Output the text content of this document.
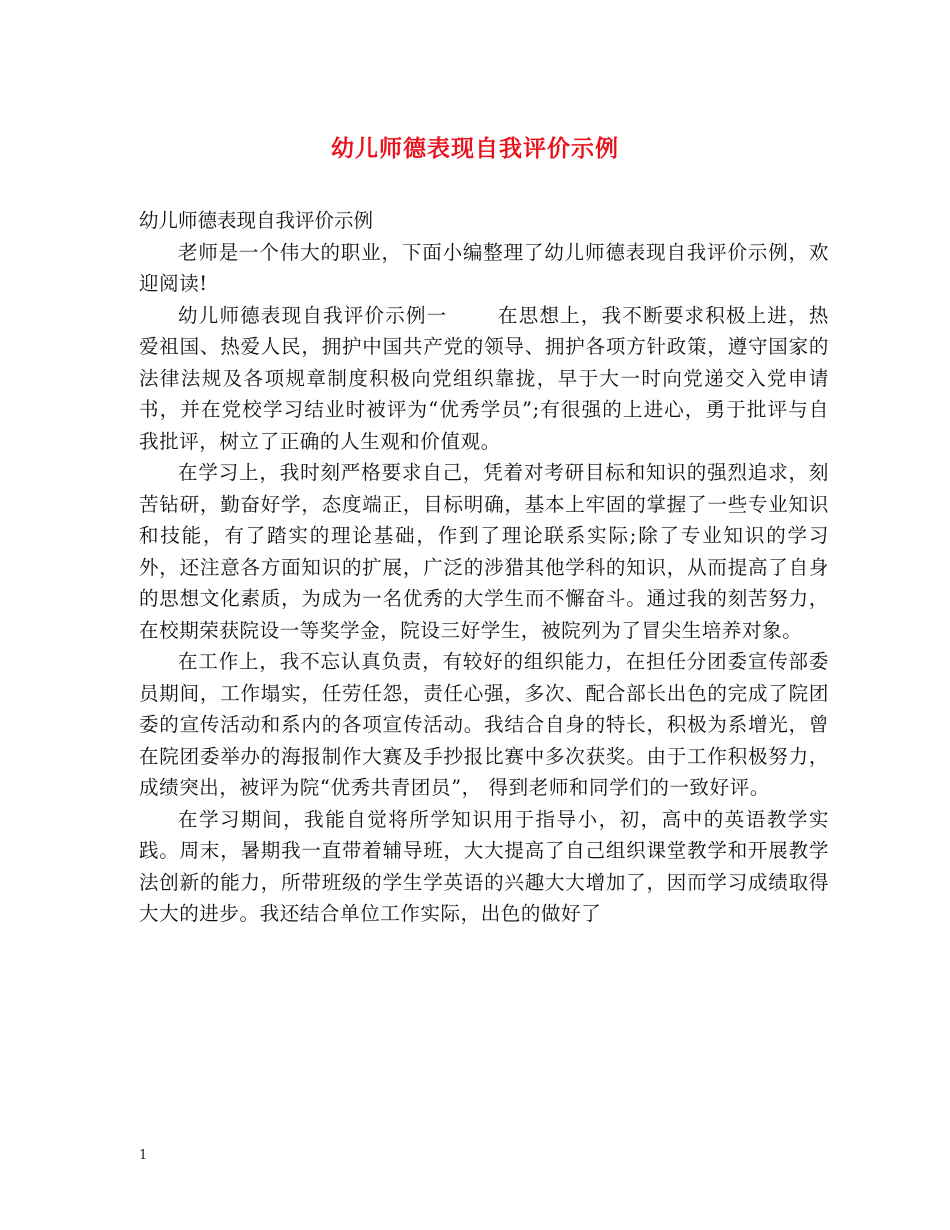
幼儿师德表现自我评价示例

幼儿师德表现自我评价示例

老师是一个伟大的职业，下面小编整理了幼儿师德表现自我评价示例，欢迎阅读!

幼儿师德表现自我评价示例一	在思想上，我不断要求积极上进，热爱祖国、热爱人民，拥护中国共产党的领导、拥护各项方针政策，遵守国家的法律法规及各项规章制度积极向党组织靠拢，早于大一时向党递交入党申请书，并在党校学习结业时被评为“优秀学员”;有很强的上进心，勇于批评与自我批评，树立了正确的人生观和价值观。

在学习上，我时刻严格要求自己，凭着对考研目标和知识的强烈追求，刻苦钻研，勤奋好学，态度端正，目标明确，基本上牢固的掌握了一些专业知识和技能，有了踏实的理论基础，作到了理论联系实际;除了专业知识的学习外，还注意各方面知识的扩展，广泛的涉猎其他学科的知识，从而提高了自身的思想文化素质，为成为一名优秀的大学生而不懈奋斗。通过我的刻苦努力，在校期荣获院设一等奖学金，院设三好学生，被院列为了冒尖生培养对象。

在工作上，我不忘认真负责，有较好的组织能力，在担任分团委宣传部委员期间，工作塌实，任劳任怨，责任心强，多次、配合部长出色的完成了院团委的宣传活动和系内的各项宣传活动。我结合自身的特长，积极为系增光，曾在院团委举办的海报制作大赛及手抄报比赛中多次获奖。由于工作积极努力，成绩突出，被评为院“优秀共青团员”， 得到老师和同学们的一致好评。

在学习期间，我能自觉将所学知识用于指导小，初，高中的英语教学实践。周末，暑期我一直带着辅导班，大大提高了自己组织课堂教学和开展教学法创新的能力，所带班级的学生学英语的兴趣大大增加了，因而学习成绩取得大大的进步。我还结合单位工作实际，出色的做好了

1
